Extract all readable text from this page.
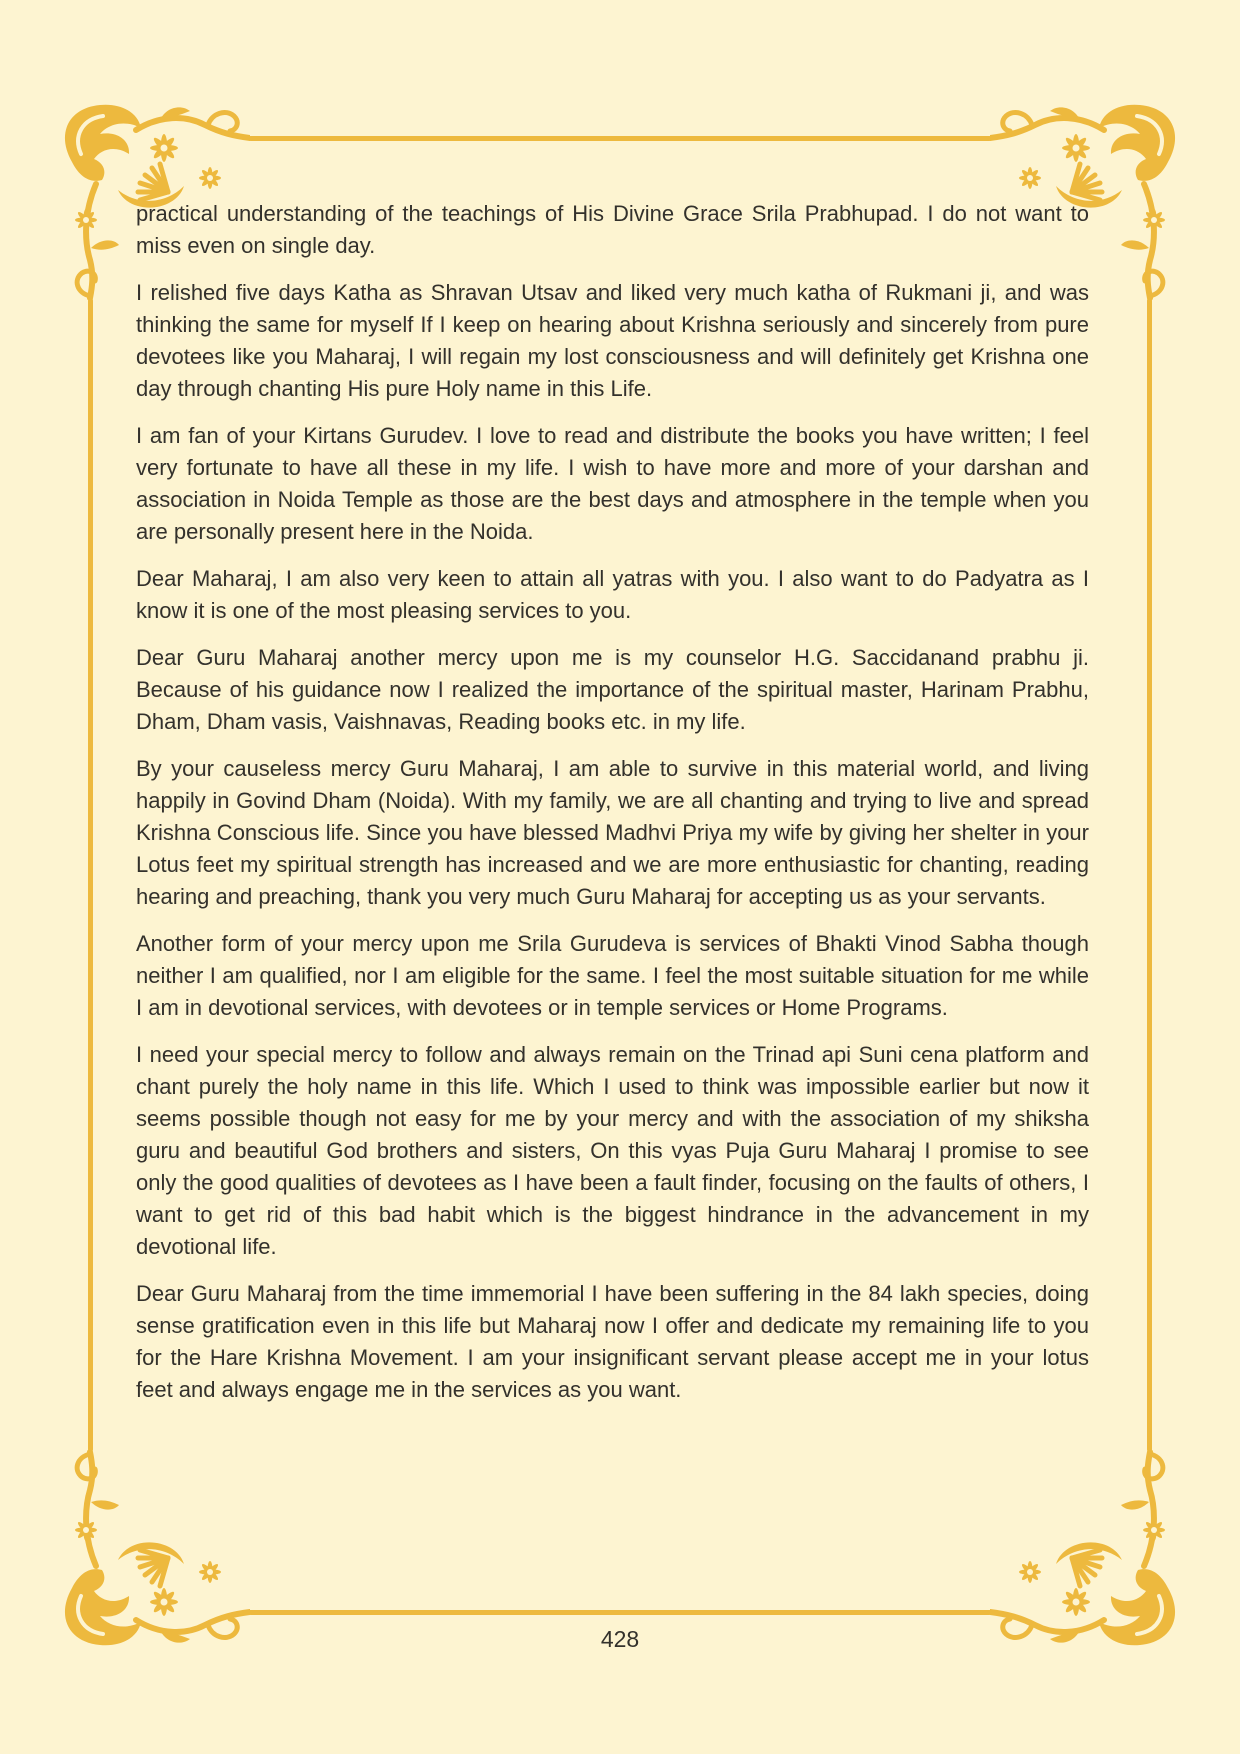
practical understanding of the teachings of His Divine Grace Srila Prabhupad. I do not want to miss even on single day.

I relished five days Katha as Shravan Utsav and liked very much katha of Rukmani ji, and was thinking the same for myself If I keep on hearing about Krishna seriously and sincerely from pure devotees like you Maharaj, I will regain my lost consciousness and will definitely get Krishna one day through chanting His pure Holy name in this Life.

I am fan of your Kirtans Gurudev. I love to read and distribute the books you have written; I feel very fortunate to have all these in my life. I wish to have more and more of your darshan and association in Noida Temple as those are the best days and atmosphere in the temple when you are personally present here in the Noida.

Dear Maharaj, I am also very keen to attain all yatras with you. I also want to do Padyatra as I know it is one of the most pleasing services to you.

Dear Guru Maharaj another mercy upon me is my counselor H.G. Saccidanand prabhu ji. Because of his guidance now I realized the importance of the spiritual master, Harinam Prabhu, Dham, Dham vasis, Vaishnavas, Reading books etc. in my life.

By your causeless mercy Guru Maharaj, I am able to survive in this material world, and living happily in Govind Dham (Noida). With my family, we are all chanting and trying to live and spread Krishna Conscious life. Since you have blessed Madhvi Priya my wife by giving her shelter in your Lotus feet my spiritual strength has increased and we are more enthusiastic for chanting, reading hearing and preaching, thank you very much Guru Maharaj for accepting us as your servants.

Another form of your mercy upon me Srila Gurudeva is services of Bhakti Vinod Sabha though neither I am qualified, nor I am eligible for the same. I feel the most suitable situation for me while I am in devotional services, with devotees or in temple services or Home Programs.

I need your special mercy to follow and always remain on the Trinad api Suni cena platform and chant purely the holy name in this life. Which I used to think was impossible earlier but now it seems possible though not easy for me by your mercy and with the association of my shiksha guru and beautiful God brothers and sisters, On this vyas Puja Guru Maharaj I promise to see only the good qualities of devotees as I have been a fault finder, focusing on the faults of others, I want to get rid of this bad habit which is the biggest hindrance in the advancement in my devotional life.

Dear Guru Maharaj from the time immemorial I have been suffering in the 84 lakh species, doing sense gratification even in this life but Maharaj now I offer and dedicate my remaining life to you for the Hare Krishna Movement. I am your insignificant servant please accept me in your lotus feet and always engage me in the services as you want.

428
